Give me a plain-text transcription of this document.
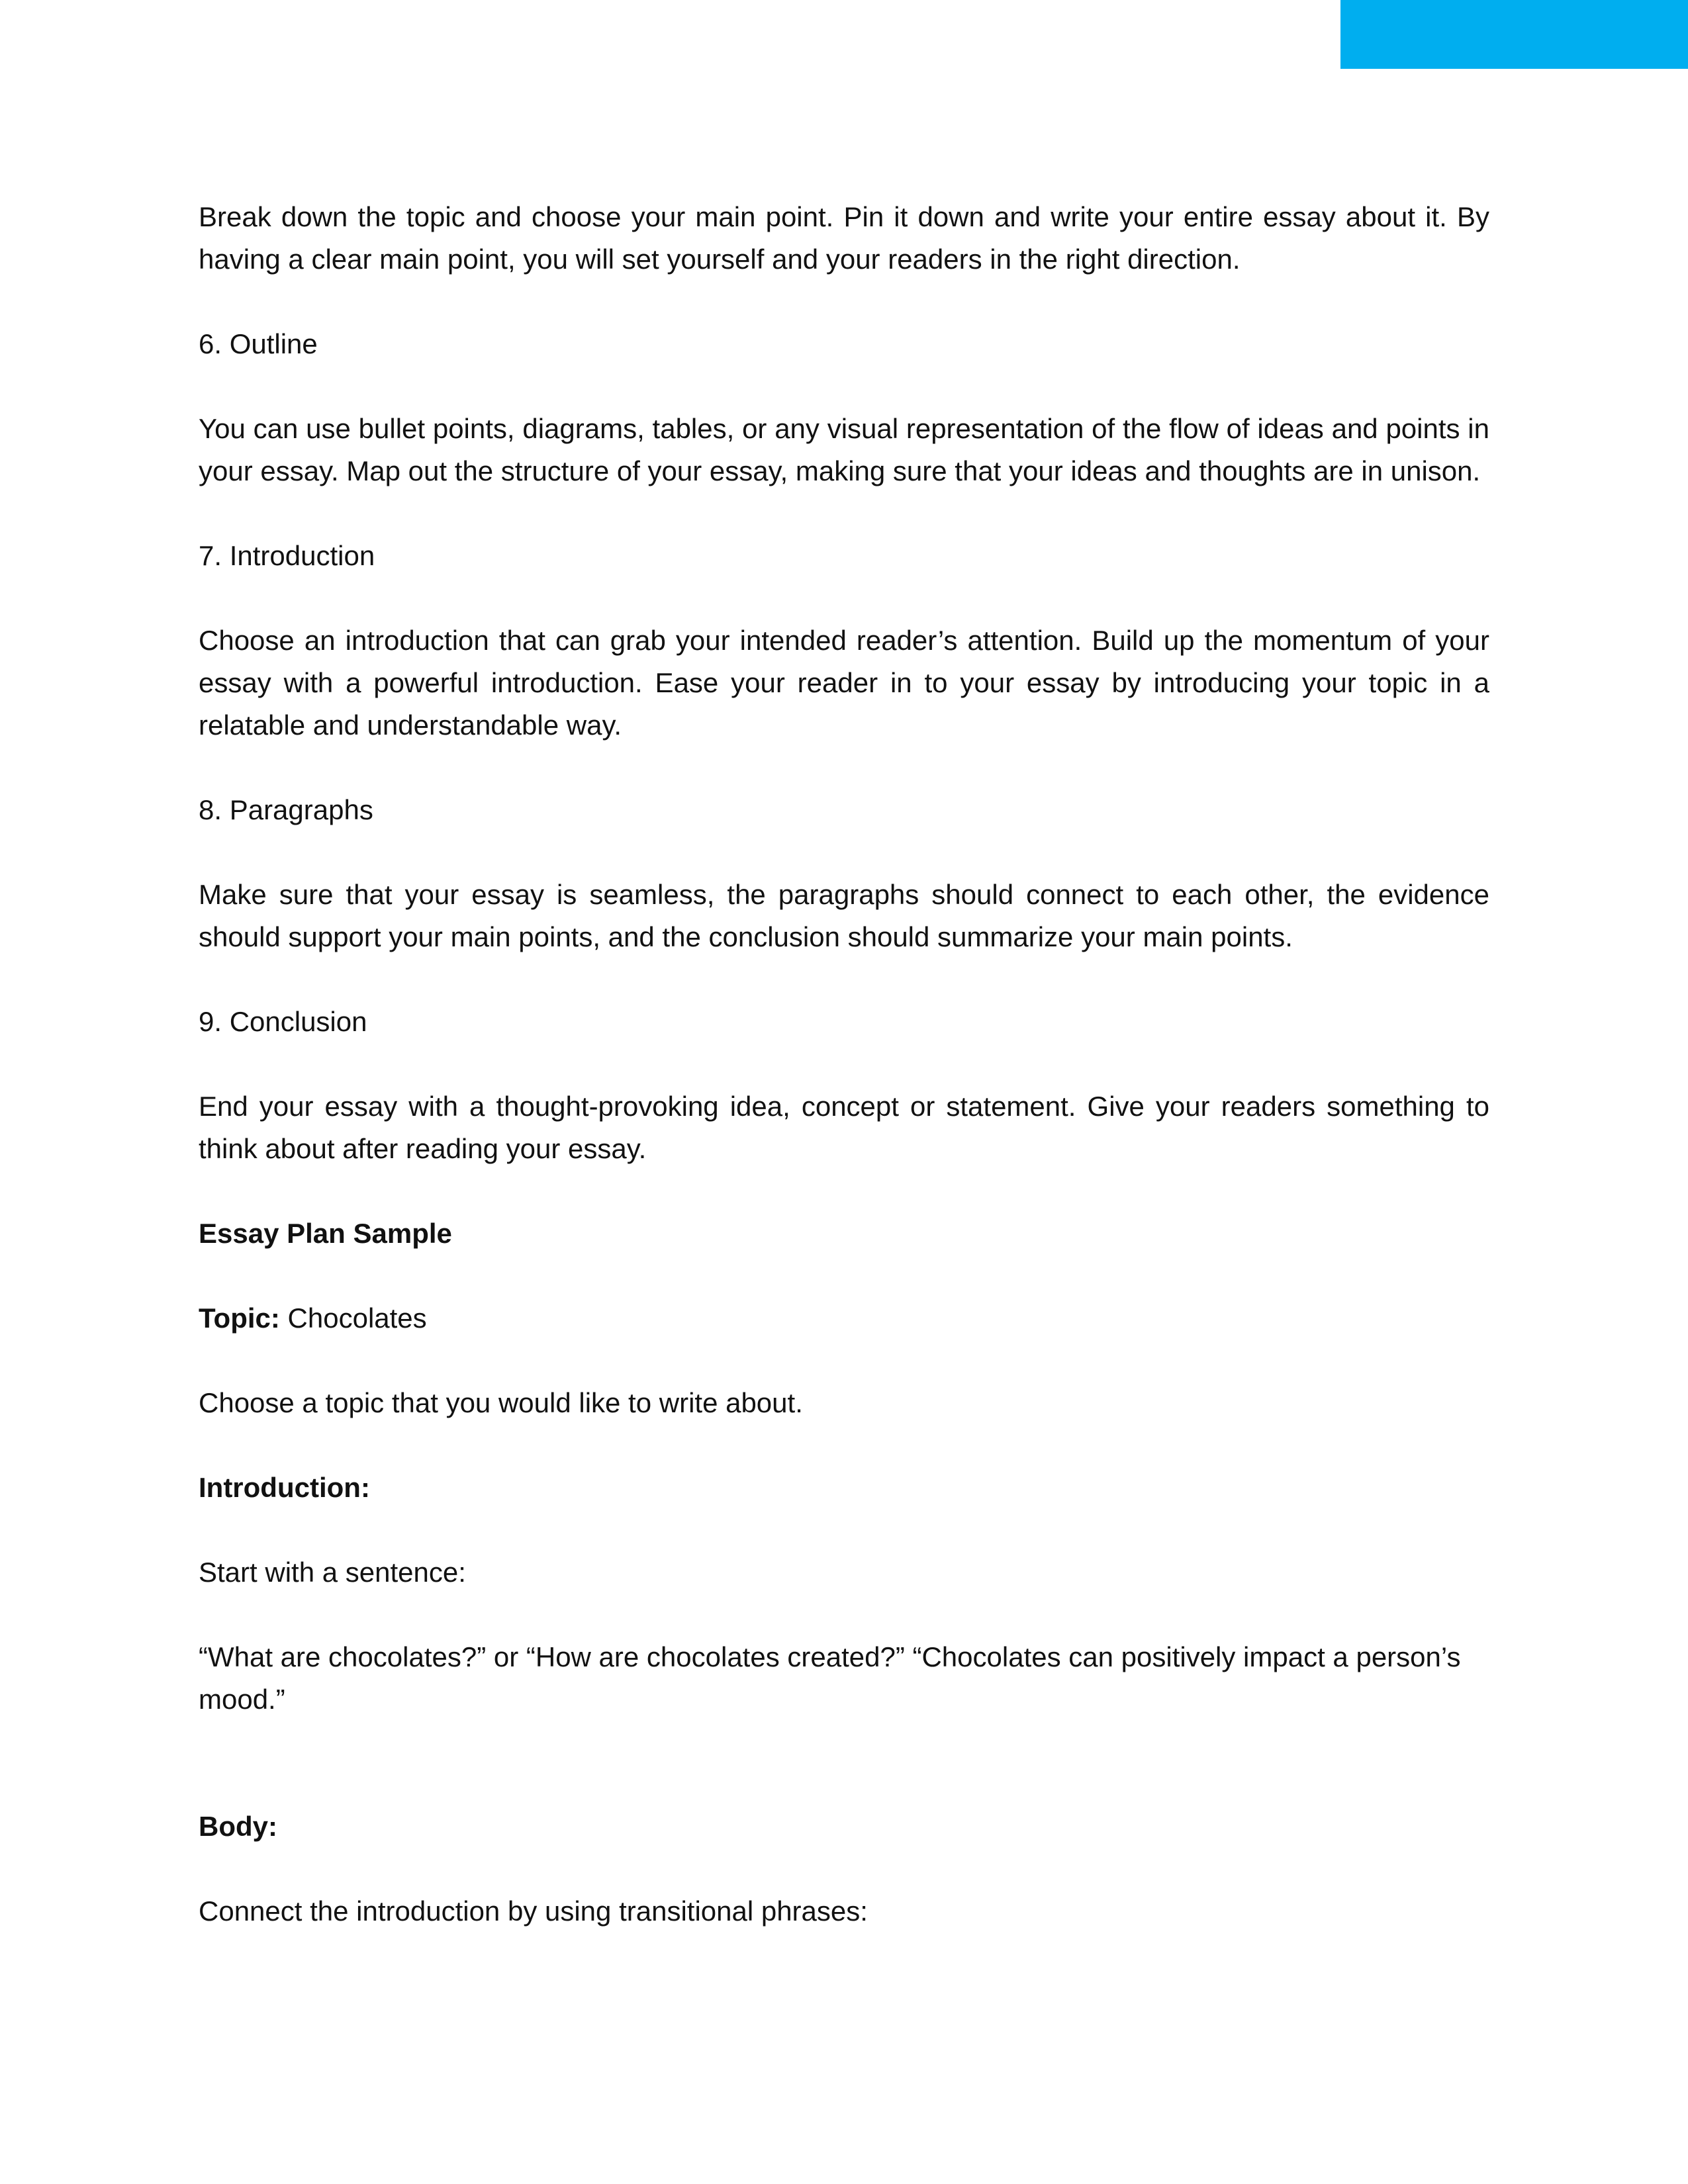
Break down the topic and choose your main point. Pin it down and write your entire essay about it. By having a clear main point, you will set yourself and your readers in the right direction.

6. Outline

You can use bullet points, diagrams, tables, or any visual representation of the flow of ideas and points in your essay. Map out the structure of your essay, making sure that your ideas and thoughts are in unison.

7. Introduction

Choose an introduction that can grab your intended reader’s attention. Build up the momentum of your essay with a powerful introduction. Ease your reader in to your essay by introducing your topic in a relatable and understandable way.

8. Paragraphs

Make sure that your essay is seamless, the paragraphs should connect to each other, the evidence should support your main points, and the conclusion should summarize your main points.

9. Conclusion

End your essay with a thought-provoking idea, concept or statement. Give your readers something to think about after reading your essay.

Essay Plan Sample

Topic: Chocolates

Choose a topic that you would like to write about.

Introduction:

Start with a sentence:

“What are chocolates?” or “How are chocolates created?” “Chocolates can positively impact a person’s mood.”

Body:

Connect the introduction by using transitional phrases:
